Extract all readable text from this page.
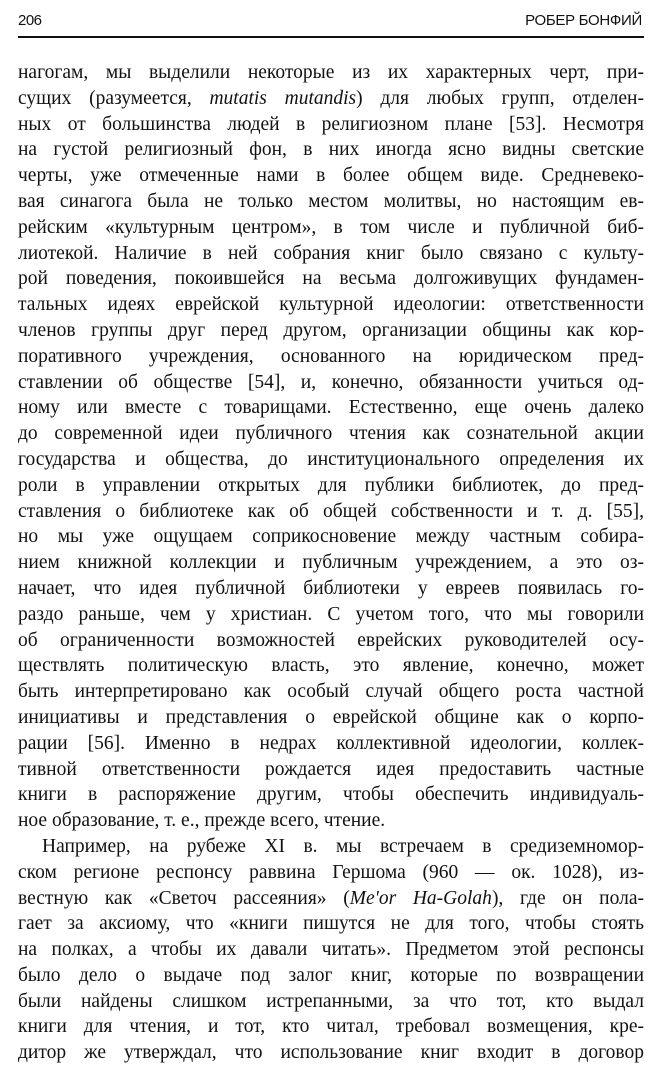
206	РОБЕР БОНФИЙ
нагогам, мы выделили некоторые из их характерных черт, при-
сущих (разумеется, mutatis mutandis) для любых групп, отделен-
ных от большинства людей в религиозном плане [53]. Несмотря
на густой религиозный фон, в них иногда ясно видны светские
черты, уже отмеченные нами в более общем виде. Средневеко-
вая синагога была не только местом молитвы, но настоящим ев-
рейским «культурным центром», в том числе и публичной биб-
лиотекой. Наличие в ней собрания книг было связано с культу-
рой поведения, покоившейся на весьма долгоживущих фундамен-
тальных идеях еврейской культурной идеологии: ответственности
членов группы друг перед другом, организации общины как кор-
поративного учреждения, основанного на юридическом пред-
ставлении об обществе [54], и, конечно, обязанности учиться од-
ному или вместе с товарищами. Естественно, еще очень далеко
до современной идеи публичного чтения как сознательной акции
государства и общества, до институционального определения их
роли в управлении открытых для публики библиотек, до пред-
ставления о библиотеке как об общей собственности и т. д. [55],
но мы уже ощущаем соприкосновение между частным собира-
нием книжной коллекции и публичным учреждением, а это оз-
начает, что идея публичной библиотеки у евреев появилась го-
раздо раньше, чем у христиан. С учетом того, что мы говорили
об ограниченности возможностей еврейских руководителей осу-
ществлять политическую власть, это явление, конечно, может
быть интерпретировано как особый случай общего роста частной
инициативы и представления о еврейской общине как о корпо-
рации [56]. Именно в недрах коллективной идеологии, коллек-
тивной ответственности рождается идея предоставить частные
книги в распоряжение другим, чтобы обеспечить индивидуаль-
ное образование, т. е., прежде всего, чтение.
Например, на рубеже XI в. мы встречаем в средиземномор-
ском регионе респонсу раввина Гершома (960 — ок. 1028), из-
вестную как «Светоч рассеяния» (Me'or Ha-Golah), где он пола-
гает за аксиому, что «книги пишутся не для того, чтобы стоять
на полках, а чтобы их давали читать». Предметом этой респонсы
было дело о выдаче под залог книг, которые по возвращении
были найдены слишком истрепанными, за что тот, кто выдал
книги для чтения, и тот, кто читал, требовал возмещения, кре-
дитор же утверждал, что использование книг входит в договор
